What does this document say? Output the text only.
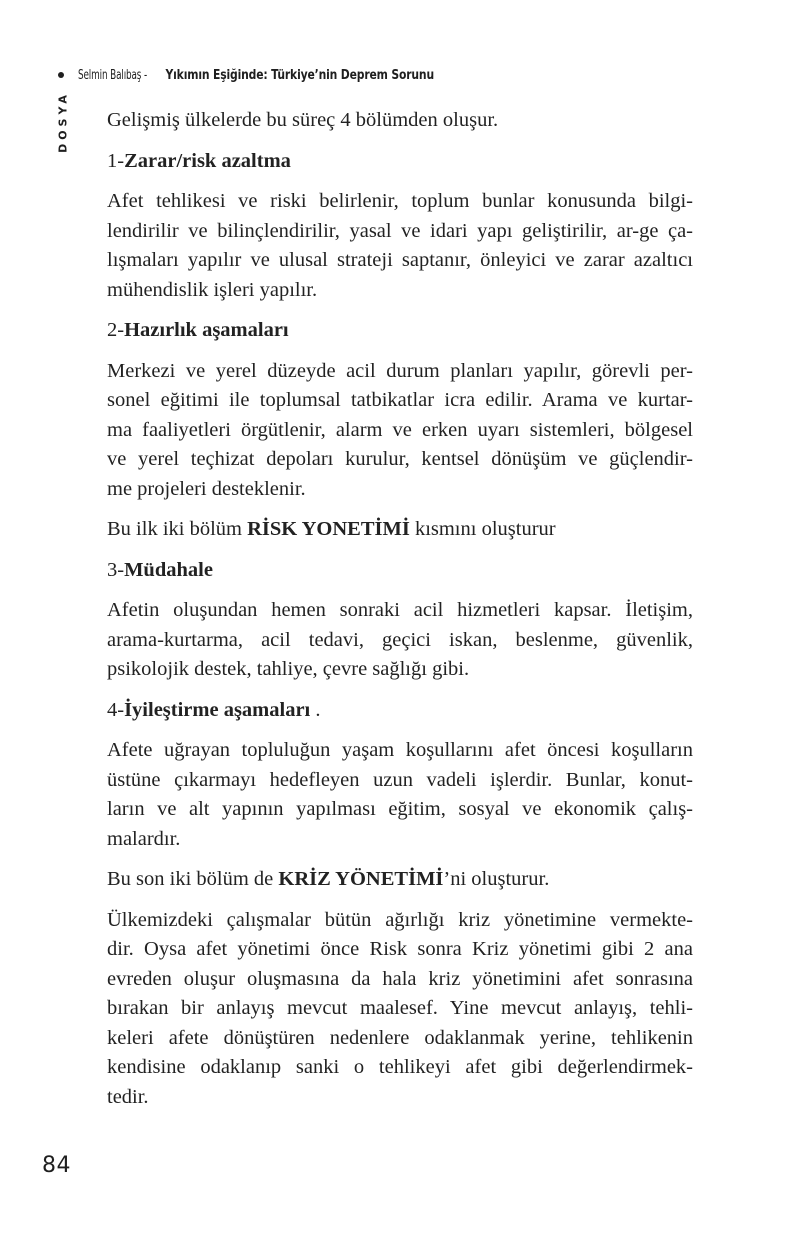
Selmin Balıbaş -
Yıkımın Eşiğinde: Türkiye’nin Deprem Sorunu
DOSYA Gelişmiş ülkelerde bu süreç 4 bölümden oluşur.
1-Zarar/risk azaltma
Afet tehlikesi ve riski belirlenir, toplum bunlar konusunda bilgi-
lendirilir ve bilinçlendirilir, yasal ve idari yapı geliştirilir, ar-ge ça-
lışmaları yapılır ve ulusal strateji saptanır, önleyici ve zarar azaltıcı
mühendislik işleri yapılır.
2-Hazırlık aşamaları
Merkezi ve yerel düzeyde acil durum planları yapılır, görevli per-
sonel eğitimi ile toplumsal tatbikatlar icra edilir. Arama ve kurtar-
ma faaliyetleri örgütlenir, alarm ve erken uyarı sistemleri, bölgesel
ve yerel teçhizat depoları kurulur, kentsel dönüşüm ve güçlendir-
me projeleri desteklenir.
Bu ilk iki bölüm RİSK YONETİMİ kısmını oluşturur
3-Müdahale
Afetin oluşundan hemen sonraki acil hizmetleri kapsar. İletişim,
arama-kurtarma, acil tedavi, geçici iskan, beslenme, güvenlik,
psikolojik destek, tahliye, çevre sağlığı gibi.
4-İyileştirme aşamaları .
Afete uğrayan topluluğun yaşam koşullarını afet öncesi koşulların
üstüne çıkarmayı hedefleyen uzun vadeli işlerdir. Bunlar, konut-
ların ve alt yapının yapılması eğitim, sosyal ve ekonomik çalış-
malardır.
Bu son iki bölüm de KRİZ YÖNETİMİ’ni oluşturur.
Ülkemizdeki çalışmalar bütün ağırlığı kriz yönetimine vermekte-
dir. Oysa afet yönetimi önce Risk sonra Kriz yönetimi gibi 2 ana
evreden oluşur oluşmasına da hala kriz yönetimini afet sonrasına
bırakan bir anlayış mevcut maalesef. Yine mevcut anlayış, tehli-
keleri afete dönüştüren nedenlere odaklanmak yerine, tehlikenin
kendisine odaklanıp sanki o tehlikeyi afet gibi değerlendirmek-
tedir.
84
